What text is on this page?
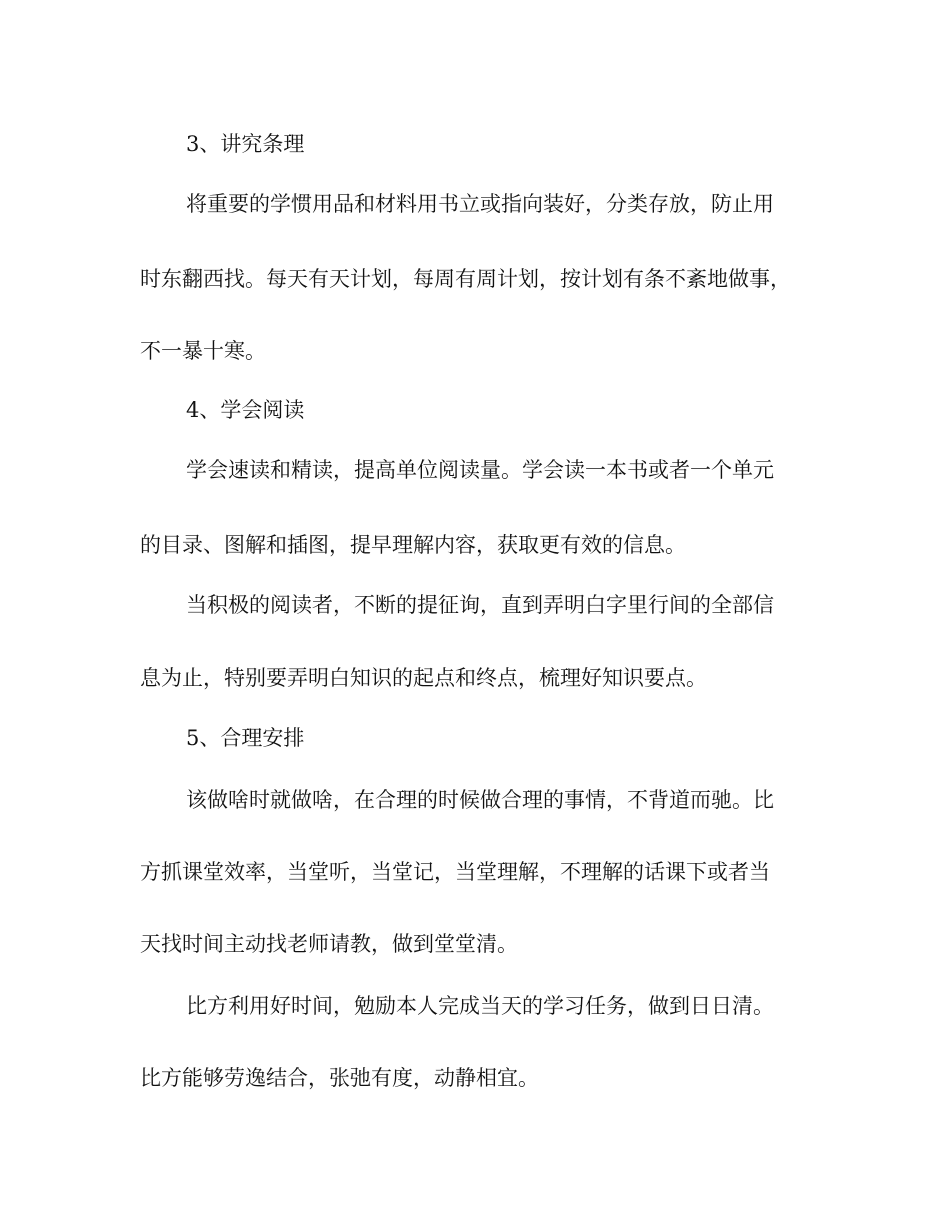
3、讲究条理
将重要的学惯用品和材料用书立或指向装好，分类存放，防止用
时东翻西找。每天有天计划，每周有周计划，按计划有条不紊地做事，
不一暴十寒。
4、学会阅读
学会速读和精读，提高单位阅读量。学会读一本书或者一个单元
的目录、图解和插图，提早理解内容，获取更有效的信息。
当积极的阅读者，不断的提征询，直到弄明白字里行间的全部信
息为止，特别要弄明白知识的起点和终点，梳理好知识要点。
5、合理安排
该做啥时就做啥，在合理的时候做合理的事情，不背道而驰。比
方抓课堂效率，当堂听，当堂记，当堂理解，不理解的话课下或者当
天找时间主动找老师请教，做到堂堂清。
比方利用好时间，勉励本人完成当天的学习任务，做到日日清。
比方能够劳逸结合，张弛有度，动静相宜。
